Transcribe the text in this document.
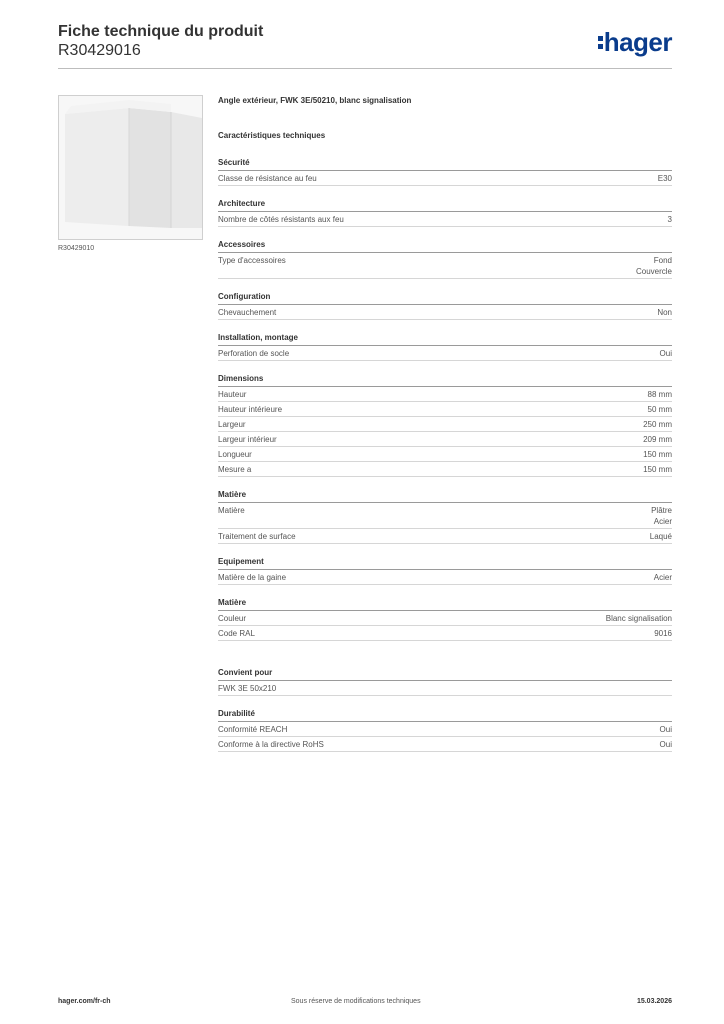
Fiche technique du produit
R30429016	hager
R30429010
Angle extérieur, FWK 3E/50210, blanc signalisation
Caractéristiques techniques
Sécurité
Classe de résistance au feu	E30
Architecture
Nombre de côtés résistants aux feu	3
Accessoires
Type d'accessoires	Fond
Couvercle
Configuration
Chevauchement	Non
Installation, montage
Perforation de socle	Oui
Dimensions
Hauteur	88 mm
Hauteur intérieure	50 mm
Largeur	250 mm
Largeur intérieur	209 mm
Longueur	150 mm
Mesure a	150 mm
Matière
Matière	Plâtre
Acier
Traitement de surface	Laqué
Equipement
Matière de la gaine	Acier
Matière
Couleur	Blanc signalisation
Code RAL	9016
Convient pour
FWK 3E 50x210
Durabilité
Conformité REACH	Oui
Conforme à la directive RoHS	Oui
hager.com/fr-ch	Sous réserve de modifications techniques	15.03.2026
